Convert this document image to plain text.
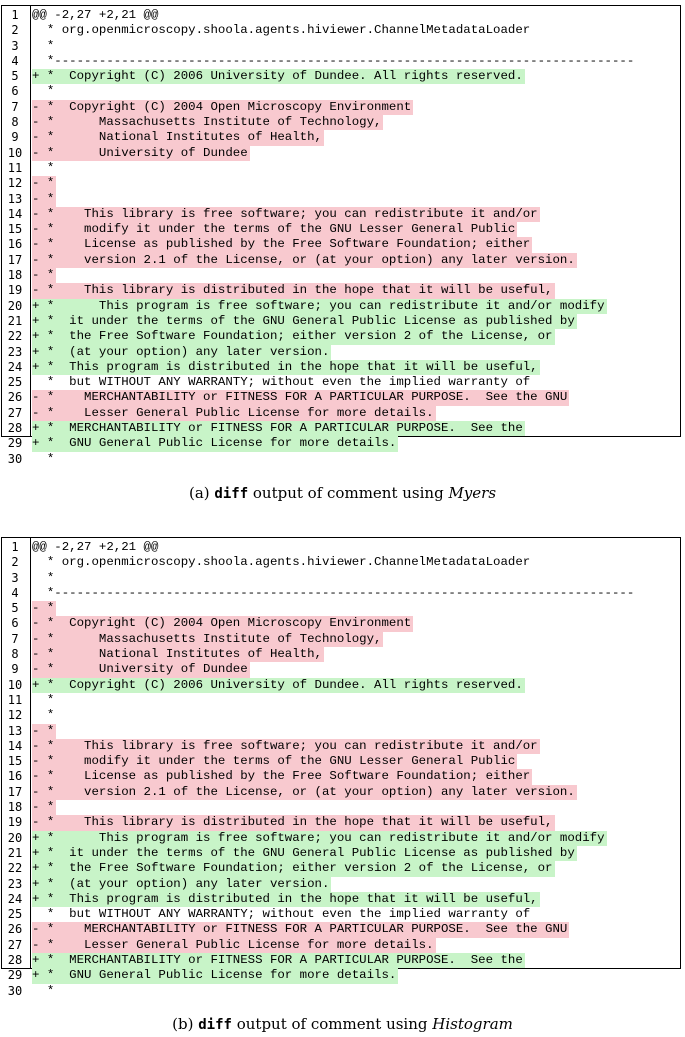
1	@@ -2,27 +2,21 @@
2	* org.openmicroscopy.shoola.agents.hiviewer.ChannelMetadataLoader
3	*
4	*------------------------------------------------------------------------------
5	+ *  Copyright (C) 2006 University of Dundee. All rights reserved.
6	*
7	- *  Copyright (C) 2004 Open Microscopy Environment
8	- *      Massachusetts Institute of Technology,
9	- *      National Institutes of Health,
10 - *      University of Dundee
11 *
12 - *
13 - *
14 - *    This library is free software; you can redistribute it and/or
15 - *    modify it under the terms of the GNU Lesser General Public
16 - *    License as published by the Free Software Foundation; either
17 - *    version 2.1 of the License, or (at your option) any later version.
18 - *
19 - *    This library is distributed in the hope that it will be useful,
20 + *      This program is free software; you can redistribute it and/or modify
21 + *  it under the terms of the GNU General Public License as published by
22 + *  the Free Software Foundation; either version 2 of the License, or
23 + *  (at your option) any later version.
24 + *  This program is distributed in the hope that it will be useful,
25 *  but WITHOUT ANY WARRANTY; without even the implied warranty of
26 - *    MERCHANTABILITY or FITNESS FOR A PARTICULAR PURPOSE.  See the GNU
27 - *    Lesser General Public License for more details.
28 + *  MERCHANTABILITY or FITNESS FOR A PARTICULAR PURPOSE.  See the
29 + *  GNU General Public License for more details.
30 *
(a) diff output of comment using Myers
1	@@ -2,27 +2,21 @@
2	* org.openmicroscopy.shoola.agents.hiviewer.ChannelMetadataLoader
3	*
4	*------------------------------------------------------------------------------
5	- *
6	- *  Copyright (C) 2004 Open Microscopy Environment
7	- *      Massachusetts Institute of Technology,
8	- *      National Institutes of Health,
9	- *      University of Dundee
10 + *  Copyright (C) 2006 University of Dundee. All rights reserved.
11 *
12 *
13 - *
14 - *    This library is free software; you can redistribute it and/or
15 - *    modify it under the terms of the GNU Lesser General Public
16 - *    License as published by the Free Software Foundation; either
17 - *    version 2.1 of the License, or (at your option) any later version.
18 - *
19 - *    This library is distributed in the hope that it will be useful,
20 + *      This program is free software; you can redistribute it and/or modify
21 + *  it under the terms of the GNU General Public License as published by
22 + *  the Free Software Foundation; either version 2 of the License, or
23 + *  (at your option) any later version.
24 + *  This program is distributed in the hope that it will be useful,
25 *  but WITHOUT ANY WARRANTY; without even the implied warranty of
26 - *    MERCHANTABILITY or FITNESS FOR A PARTICULAR PURPOSE.  See the GNU
27 - *    Lesser General Public License for more details.
28 + *  MERCHANTABILITY or FITNESS FOR A PARTICULAR PURPOSE.  See the
29 + *  GNU General Public License for more details.
30 *
(b) diff output of comment using Histogram
